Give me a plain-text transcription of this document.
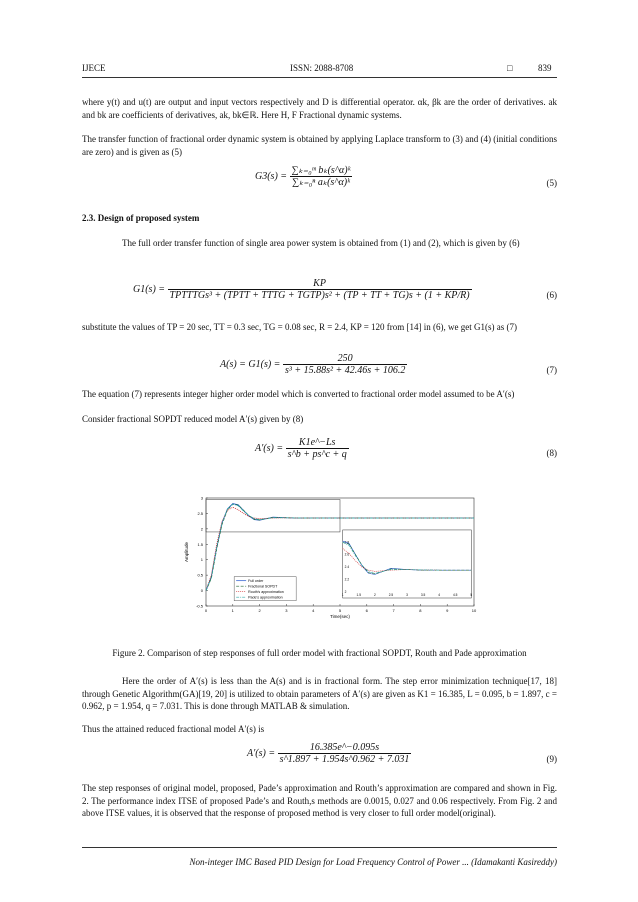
IJECE	ISSN: 2088-8708	□	839
where y(t) and u(t) are output and input vectors respectively and D is differential operator. αk, βk are the order of derivatives. ak and bk are coefficients of derivatives, ak, bk∈ℝ. Here H, F Fractional dynamic systems.
The transfer function of fractional order dynamic system is obtained by applying Laplace transform to (3) and (4) (initial conditions are zero) and is given as (5)
$G3(s) = \frac{\text{∑ₖ₌₀ᵐ bₖ(s\textasciicircum{}α)ᵏ}}{\text{∑ₖ₌₀ⁿ aₖ(s\textasciicircum{}α)ᵏ}}$	(5)
2.3. Design of proposed system
The full order transfer function of single area power system is obtained from (1) and (2), which is given by (6)
G1(s) =
KP
TPTTTGs³ + (TPTT + TTTG + TGTP)s² + (TP + TT + TG)s + (1 + KP/R)	(6)
substitute the values of TP = 20 sec, TT = 0.3 sec, TG = 0.08 sec, R = 2.4, KP = 120 from [14] in (6), we get G1(s) as (7)
$A(s) = G1(s) = \frac{250}{\text{s³ + 15.88s² + 42.46s + 106.2}}$	(7)
The equation (7) represents integer higher order model which is converted to fractional order model assumed to be A′(s)
Consider fractional SOPDT reduced model A′(s) given by (8)
$A'(s) = \frac{K1e\^{}-Ls}{s\^{}b + ps\^{}c + q}$	(8)
0	1	2	3	4	5	6	7	8	9	10
-0.5
0
0.5
1
1.5
2
2.5
3
Time(sec)
Amplitude
1	1.5	2	2.5	3	3.5	4	4.5	5
2
2.2
2.4
2.6
2.8
Full order
Fractional SOPDT
Routh's approximation
Pade's approximation
Figure 2. Comparison of step responses of full order model with fractional SOPDT, Routh and Pade approximation
Here the order of A′(s) is less than the A(s) and is in fractional form. The step error minimization technique[17, 18] through Genetic Algorithm(GA)[19, 20] is utilized to obtain parameters of A′(s) are given as K1 = 16.385, L = 0.095, b = 1.897, c = 0.962, p = 1.954, q = 7.031. This is done through MATLAB & simulation.
Thus the attained reduced fractional model A′(s) is
$A'(s) = \frac{16.385e\^{}-0.095s}{s\^{}1.897 + 1.954s\^{}0.962 + 7.031}$	(9)
The step responses of original model, proposed, Pade’s approximation and Routh’s approximation are compared and shown in Fig. 2. The performance index ITSE of proposed Pade’s and Routh,s methods are 0.0015, 0.027 and 0.06 respectively. From Fig. 2 and above ITSE values, it is observed that the response of proposed method is very closer to full order model(original).
Non-integer IMC Based PID Design for Load Frequency Control of Power ... (Idamakanti Kasireddy)
